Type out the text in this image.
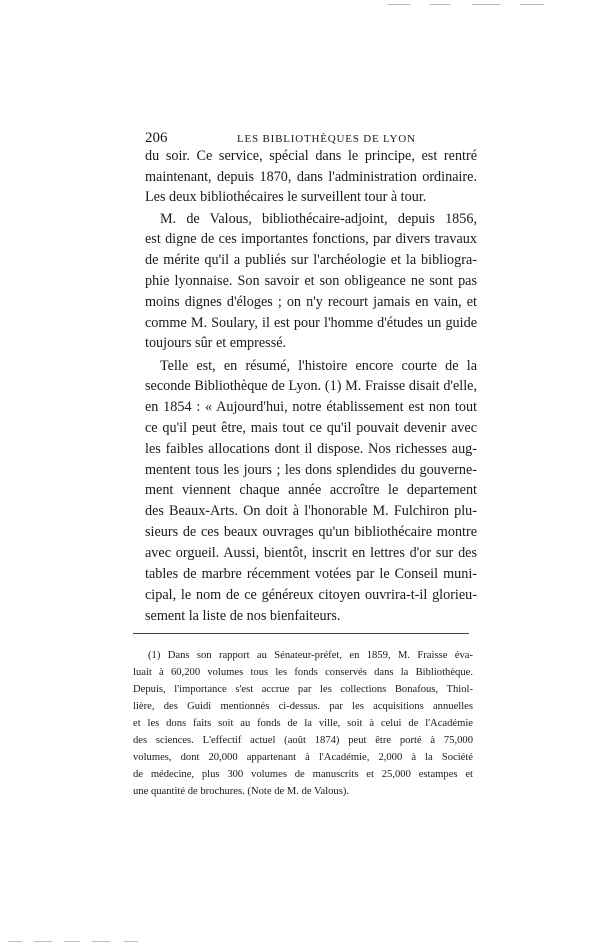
206	LES BIBLIOTHÈQUES DE LYON
du soir. Ce service, spécial dans le principe, est rentré
maintenant, depuis 1870, dans l'administration ordinaire.
Les deux bibliothécaires le surveillent tour à tour.
M. de Valous, bibliothécaire-adjoint, depuis 1856,
est digne de ces importantes fonctions, par divers travaux
de mérite qu'il a publiés sur l'archéologie et la bibliogra-
phie lyonnaise. Son savoir et son obligeance ne sont pas
moins dignes d'éloges ; on n'y recourt jamais en vain, et
comme M. Soulary, il est pour l'homme d'études un guide
toujours sûr et empressé.
Telle est, en résumé, l'histoire encore courte de la
seconde Bibliothèque de Lyon. (1) M. Fraisse disait d'elle,
en 1854 : « Aujourd'hui, notre établissement est non tout
ce qu'il peut être, mais tout ce qu'il pouvait devenir avec
les faibles allocations dont il dispose. Nos richesses aug-
mentent tous les jours ; les dons splendides du gouverne-
ment viennent chaque année accroître le departement
des Beaux-Arts. On doit à l'honorable M. Fulchiron plu-
sieurs de ces beaux ouvrages qu'un bibliothécaire montre
avec orgueil. Aussi, bientôt, inscrit en lettres d'or sur des
tables de marbre récemment votées par le Conseil muni-
cipal, le nom de ce généreux citoyen ouvrira-t-il glorieu-
sement la liste de nos bienfaiteurs.
(1) Dans son rapport au Sénateur-préfet, en 1859, M. Fraisse éva-
luait à 60,200 volumes tous les fonds conservés dans la Bibliothèque.
Depuis, l'importance s'est accrue par les collections Bonafous, Thiol-
lière, des Guidi mentionnés ci-dessus. par les acquisitions annuelles
et les dons faits soit au fonds de la ville, soit à celui de l'Académie
des sciences. L'effectif actuel (août 1874) peut être porté à 75,000
volumes, dont 20,000 appartenant à l'Académie, 2,000 à la Société
de médecine, plus 300 volumes de manuscrits et 25,000 estampes et
une quantité de brochures. (Note de M. de Valous).
